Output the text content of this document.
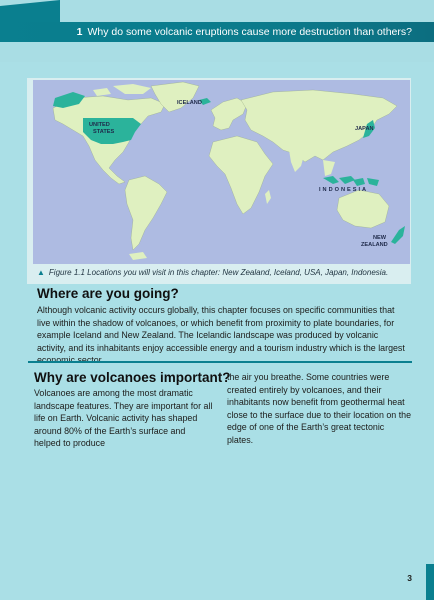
1 Why do some volcanic eruptions cause more destruction than others?
ICELAND
UNITED
STATES	JAPAN
INDONESIA
NEW
ZEALAND
▲ Figure 1.1 Locations you will visit in this chapter: New Zealand, Iceland, USA, Japan, Indonesia.
Where are you going?
Although volcanic activity occurs globally, this chapter focuses on specific communities that live within the shadow of volcanoes, or which benefit from proximity to plate boundaries, for example Iceland and New Zealand. The Icelandic landscape was produced by volcanic activity, and its inhabitants enjoy accessible energy and a tourism industry which is the largest
Why are volcanoes important?
Volcanoes are among the most dramatic landscape features. They are important for all life on Earth. Volcanic activity has shaped around 80% of the Earth’s surface and helped to produce
the air you breathe. Some countries were created entirely by volcanoes, and their inhabitants now benefit from geothermal heat close to the surface due to their location on the edge of one of the Earth’s great tectonic plates.
3
